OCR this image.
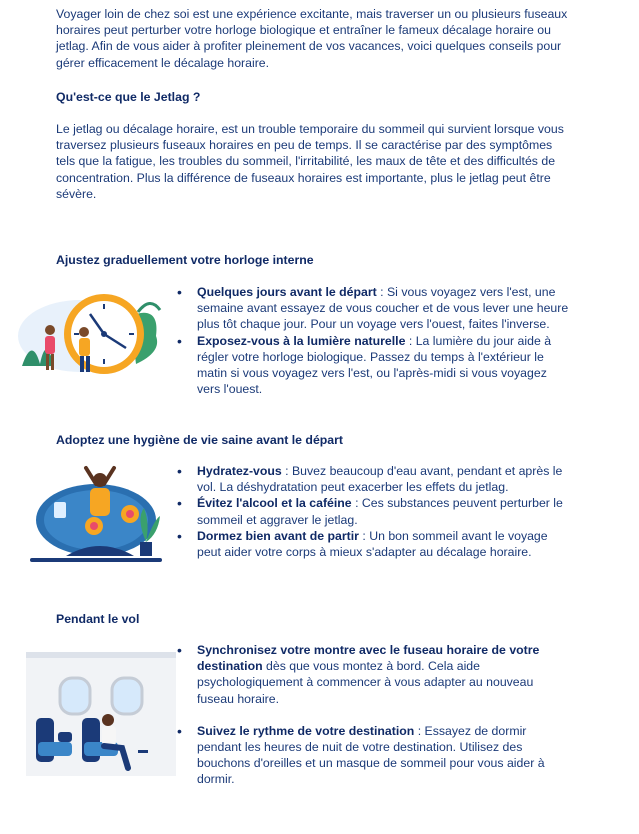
Voyager loin de chez soi est une expérience excitante, mais traverser un ou plusieurs fuseaux horaires peut perturber votre horloge biologique et entraîner le fameux décalage horaire ou jetlag. Afin de vous aider à profiter pleinement de vos vacances, voici quelques conseils pour gérer efficacement le décalage horaire.

Qu'est-ce que le Jetlag ?

Le jetlag ou décalage horaire, est un trouble temporaire du sommeil qui survient lorsque vous traversez plusieurs fuseaux horaires en peu de temps. Il se caractérise par des symptômes tels que la fatigue, les troubles du sommeil, l'irritabilité, les maux de tête et des difficultés de concentration. Plus la différence de fuseaux horaires est importante, plus le jetlag peut être sévère.

Ajustez graduellement votre horloge interne
• Quelques jours avant le départ : Si vous voyagez vers l'est, une semaine avant essayez de vous coucher et de vous lever une heure plus tôt chaque jour. Pour un voyage vers l'ouest, faites l'inverse.
• Exposez-vous à la lumière naturelle : La lumière du jour aide à régler votre horloge biologique. Passez du temps à l'extérieur le matin si vous voyagez vers l'est, ou l'après-midi si vous voyagez vers l'ouest.
Adoptez une hygiène de vie saine avant le départ
• Hydratez-vous : Buvez beaucoup d'eau avant, pendant et après le vol. La déshydratation peut exacerber les effets du jetlag.
• Évitez l'alcool et la caféine : Ces substances peuvent perturber le sommeil et aggraver le jetlag.
• Dormez bien avant de partir : Un bon sommeil avant le voyage peut aider votre corps à mieux s'adapter au décalage horaire.
Pendant le vol
• Synchronisez votre montre avec le fuseau horaire de votre destination dès que vous montez à bord. Cela aide psychologiquement à commencer à vous adapter au nouveau fuseau horaire.
• Suivez le rythme de votre destination : Essayez de dormir pendant les heures de nuit de votre destination. Utilisez des bouchons d'oreilles et un masque de sommeil pour vous aider à dormir.
